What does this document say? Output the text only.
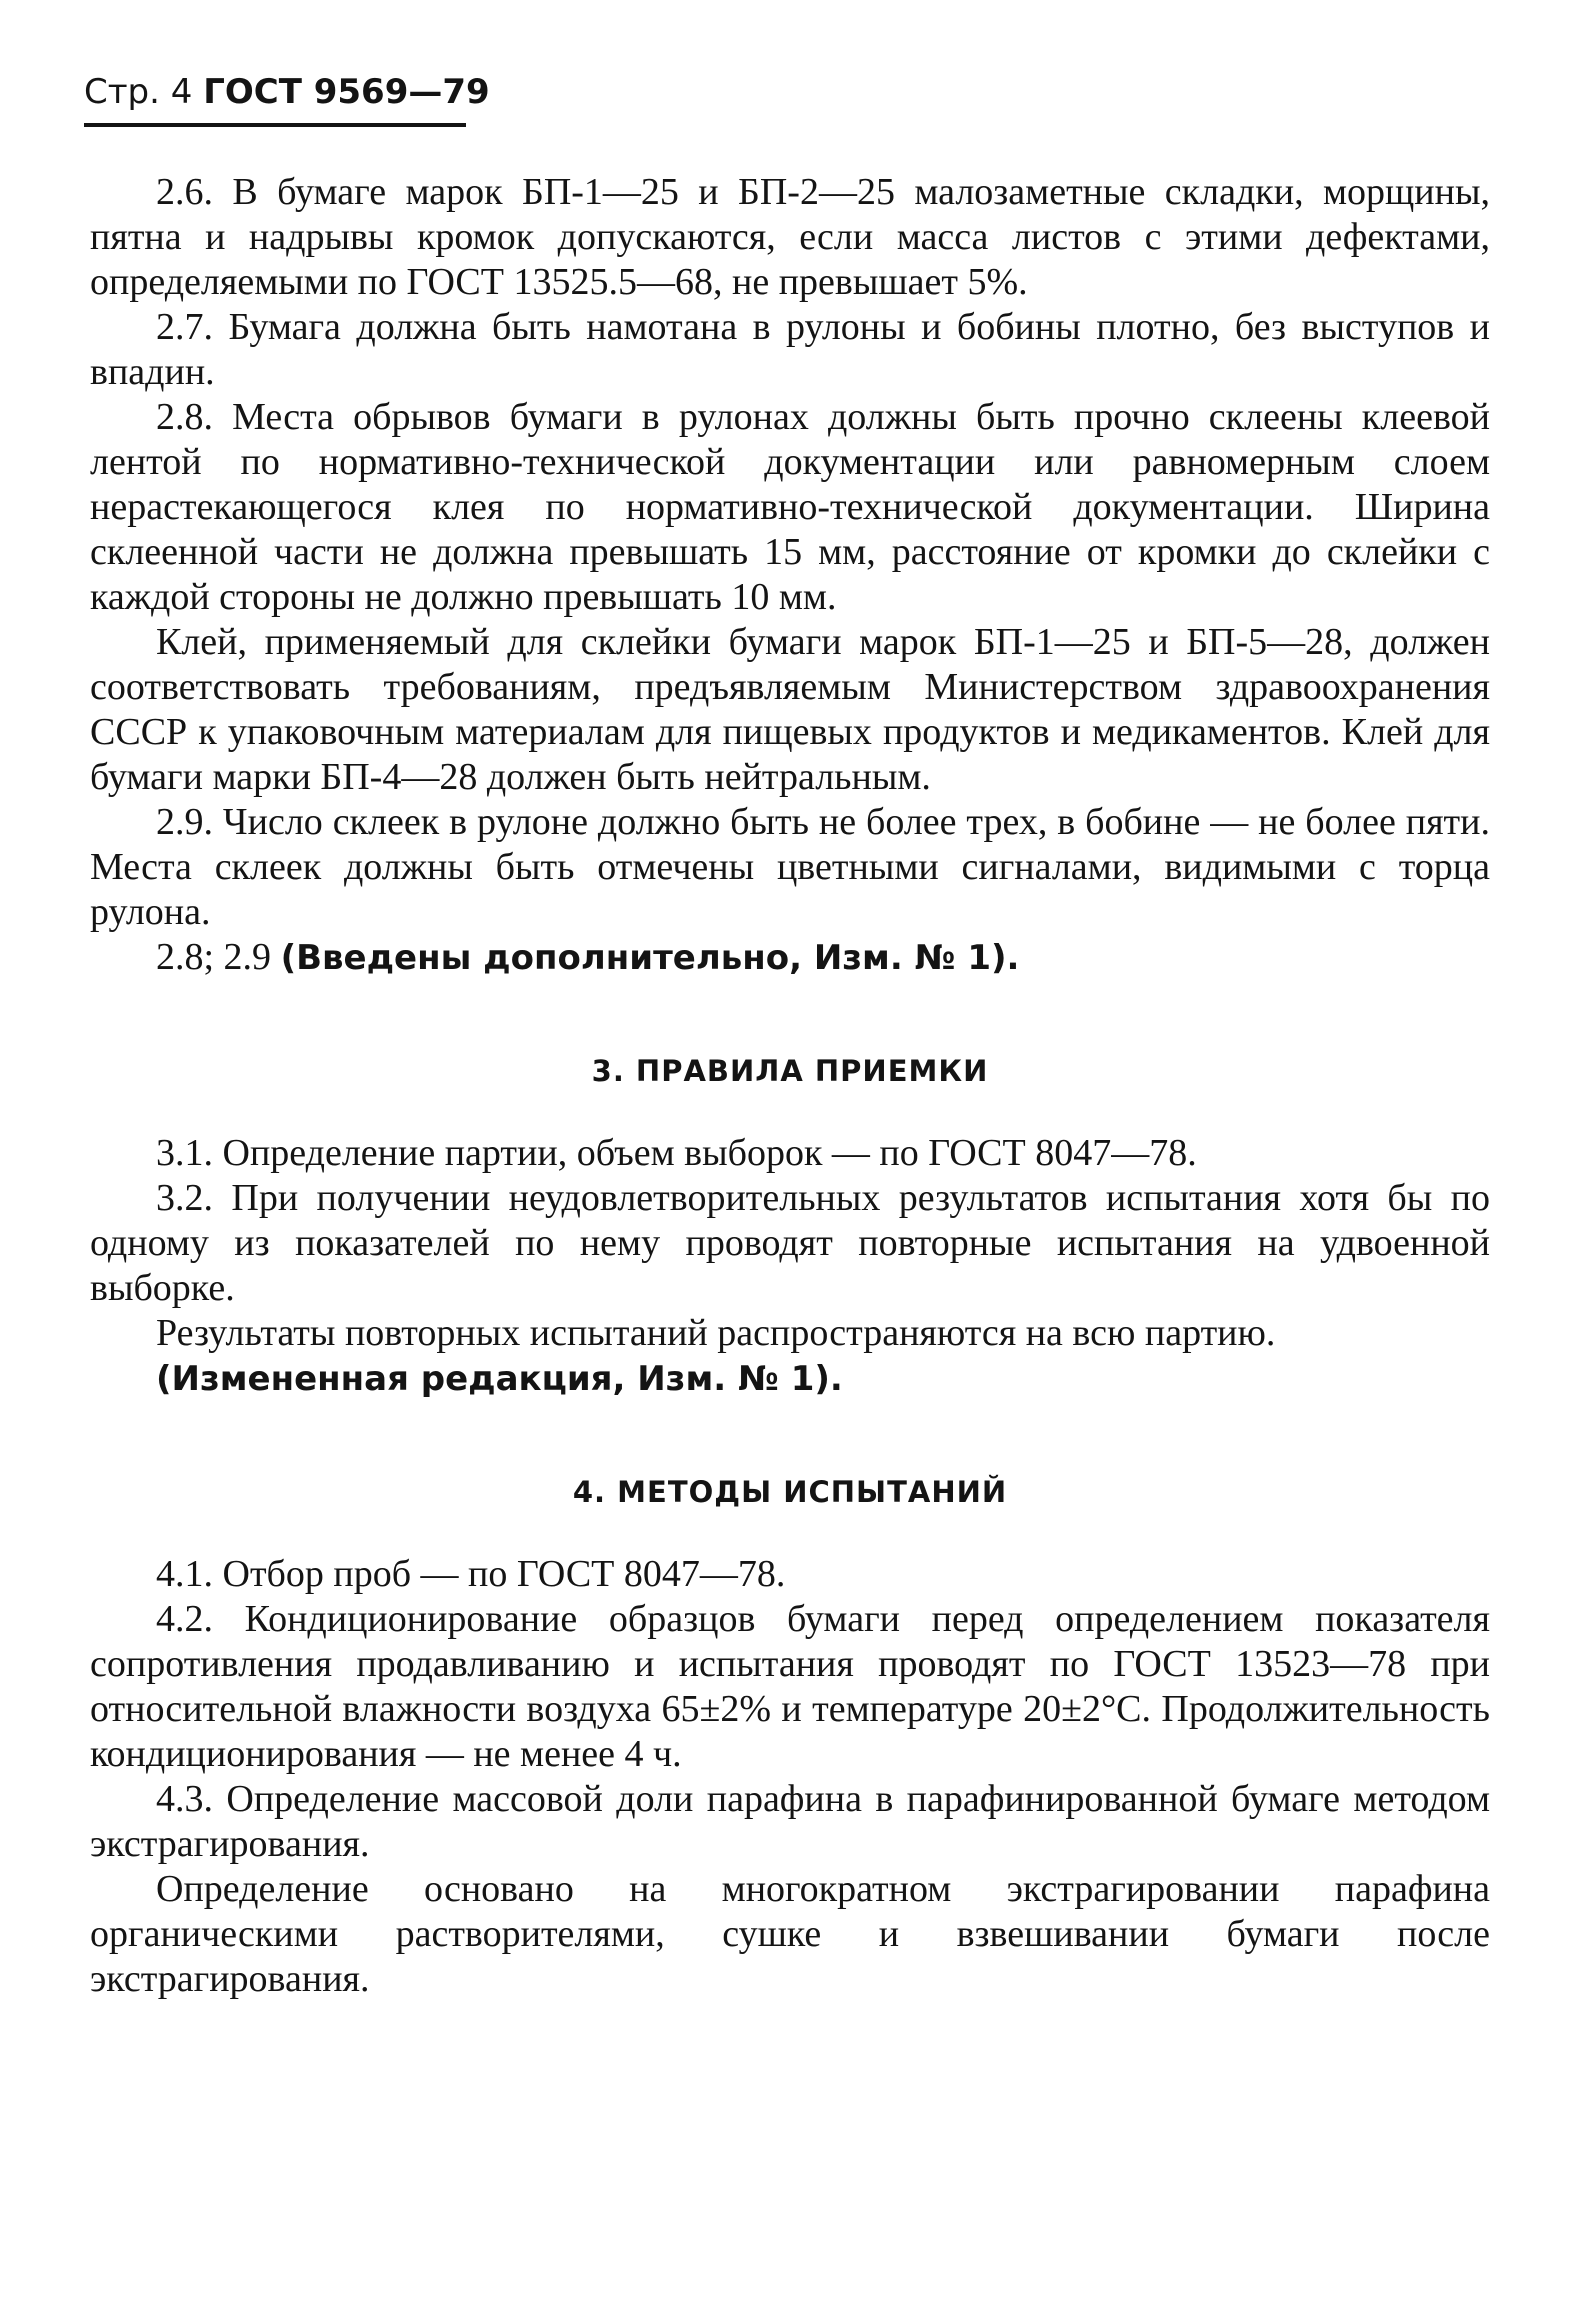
Стр. 4 ГОСТ 9569—79

2.6. В бумаге марок БП-1—25 и БП-2—25 малозаметные складки, морщины, пятна и надрывы кромок допускаются, если масса листов с этими дефектами, определяемыми по ГОСТ 13525.5—68, не превышает 5%.

2.7. Бумага должна быть намотана в рулоны и бобины плотно, без выступов и впадин.

2.8. Места обрывов бумаги в рулонах должны быть прочно склеены клеевой лентой по нормативно-технической документации или равномерным слоем нерастекающегося клея по нормативно-технической документации. Ширина склеенной части не должна превышать 15 мм, расстояние от кромки до склейки с каждой стороны не должно превышать 10 мм.

Клей, применяемый для склейки бумаги марок БП-1—25 и БП-5—28, должен соответствовать требованиям, предъявляемым Министерством здравоохранения СССР к упаковочным материалам для пищевых продуктов и медикаментов. Клей для бумаги марки БП-4—28 должен быть нейтральным.

2.9. Число склеек в рулоне должно быть не более трех, в бобине — не более пяти. Места склеек должны быть отмечены цветными сигналами, видимыми с торца рулона.

2.8; 2.9 (Введены дополнительно, Изм. № 1).

3. ПРАВИЛА ПРИЕМКИ

3.1. Определение партии, объем выборок — по ГОСТ 8047—78.

3.2. При получении неудовлетворительных результатов испытания хотя бы по одному из показателей по нему проводят повторные испытания на удвоенной выборке.

Результаты повторных испытаний распространяются на всю партию.

(Измененная редакция, Изм. № 1).

4. МЕТОДЫ ИСПЫТАНИЙ

4.1. Отбор проб — по ГОСТ 8047—78.

4.2. Кондиционирование образцов бумаги перед определением показателя сопротивления продавливанию и испытания проводят по ГОСТ 13523—78 при относительной влажности воздуха 65±2% и температуре 20±2°С. Продолжительность кондиционирования — не менее 4 ч.

4.3. Определение массовой доли парафина в парафинированной бумаге методом экстрагирования.

Определение основано на многократном экстрагировании парафина органическими растворителями, сушке и взвешивании бумаги после экстрагирования.
